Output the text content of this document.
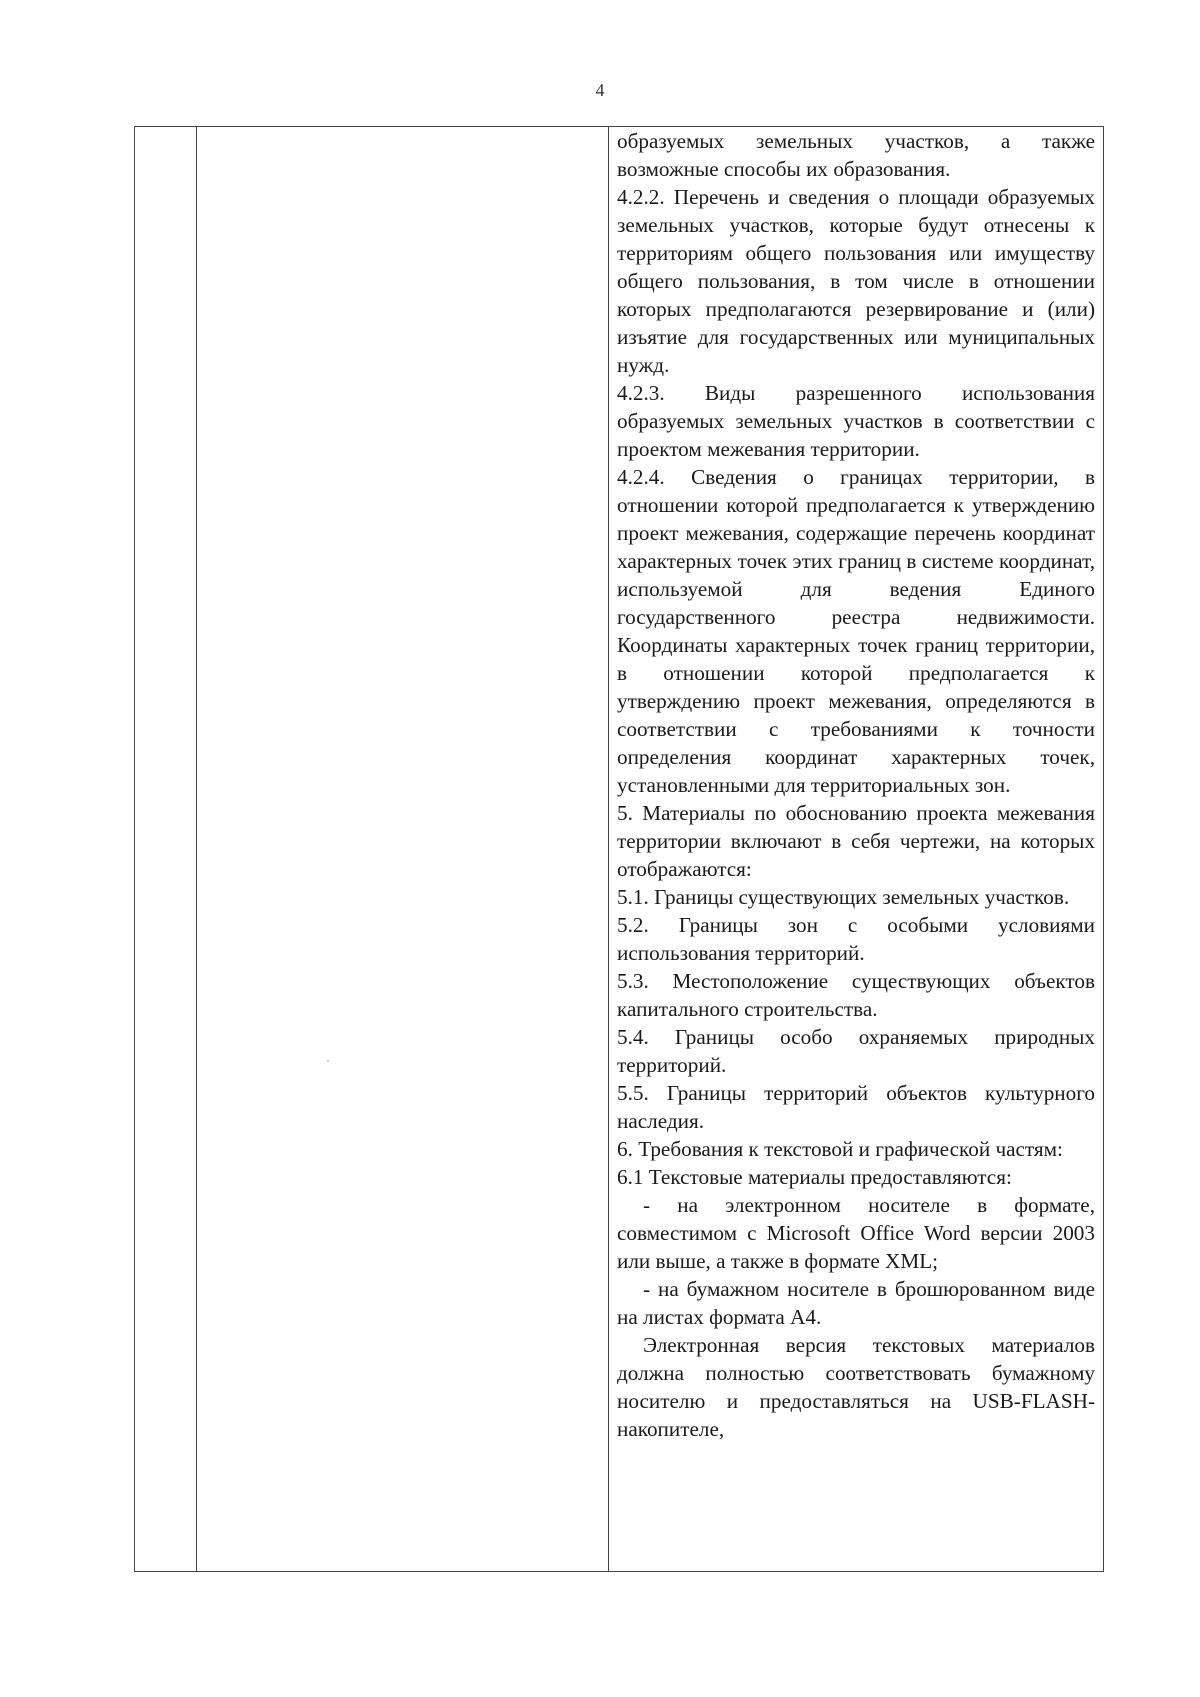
4

образуемых земельных участков, а также возможные способы их образования.

4.2.2. Перечень и сведения о площади образуемых земельных участков, которые будут отнесены к территориям общего пользования или имуществу общего пользования, в том числе в отношении которых предполагаются резервирование и (или) изъятие для государственных или муниципальных нужд.

4.2.3. Виды разрешенного использования образуемых земельных участков в соответствии с проектом межевания территории.

4.2.4. Сведения о границах территории, в отношении которой предполагается к утверждению проект межевания, содержащие перечень координат характерных точек этих границ в системе координат, используемой для ведения Единого государственного реестра недвижимости. Координаты характерных точек границ территории, в отношении которой предполагается к утверждению проект межевания, определяются в соответствии с требованиями к точности определения координат характерных точек, установленными для территориальных зон.

5. Материалы по обоснованию проекта межевания территории включают в себя чертежи, на которых отображаются:

5.1. Границы существующих земельных участков.

5.2. Границы зон с особыми условиями использования территорий.

5.3. Местоположение существующих объектов капитального строительства.

5.4. Границы особо охраняемых природных территорий.

5.5. Границы территорий объектов культурного наследия.

6. Требования к текстовой и графической частям:

6.1 Текстовые материалы предоставляются:

- на электронном носителе в формате, совместимом с Microsoft Office Word версии 2003 или выше, а также в формате XML;

- на бумажном носителе в брошюрованном виде на листах формата А4.

Электронная версия текстовых материалов должна полностью соответствовать бумажному носителю и предоставляться на USB-FLASH-накопителе,
